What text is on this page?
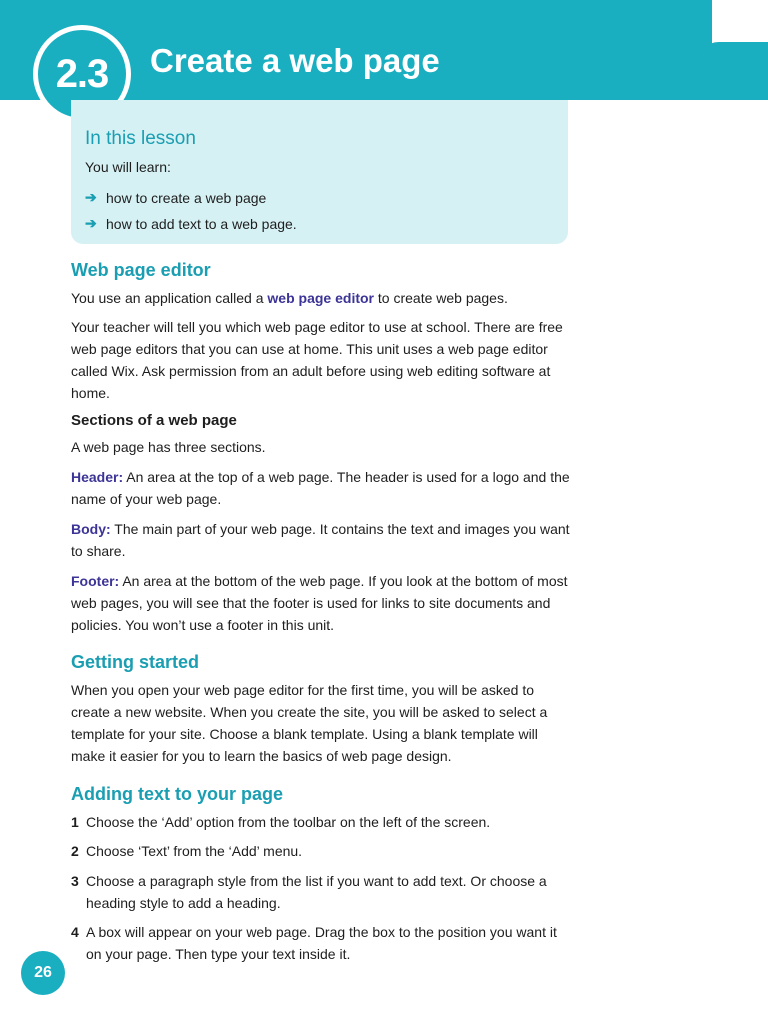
2.3	Create a web page
In this lesson
You will learn:
➔ how to create a web page
➔ how to add text to a web page.
Web page editor
You use an application called a web page editor to create web pages.
Your teacher will tell you which web page editor to use at school. There are free web page editors that you can use at home. This unit uses a web page editor called Wix. Ask permission from an adult before using web editing software at home.
Sections of a web page
A web page has three sections.
Header: An area at the top of a web page. The header is used for a logo and the name of your web page.
Body: The main part of your web page. It contains the text and images you want to share.
Footer: An area at the bottom of the web page. If you look at the bottom of most web pages, you will see that the footer is used for links to site documents and policies. You won’t use a footer in this unit.
Getting started
When you open your web page editor for the first time, you will be asked to create a new website. When you create the site, you will be asked to select a template for your site. Choose a blank template. Using a blank template will make it easier for you to learn the basics of web page design.
Adding text to your page
1 Choose the ‘Add’ option from the toolbar on the left of the screen.
2 Choose ‘Text’ from the ‘Add’ menu.
3 Choose a paragraph style from the list if you want to add text. Or choose a heading style to add a heading.
4 A box will appear on your web page. Drag the box to the position you want it on your page. Then type your text inside it.
26
